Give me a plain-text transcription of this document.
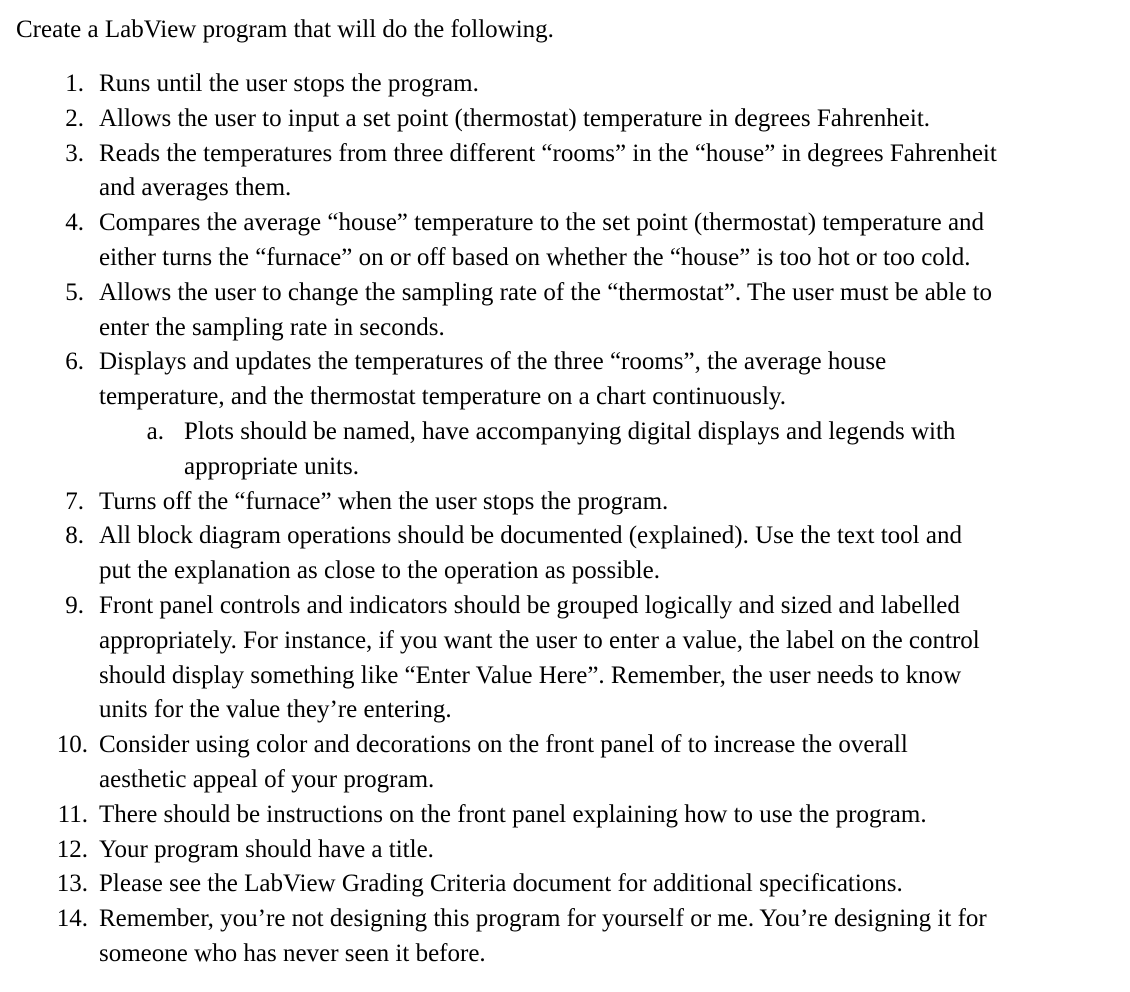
Create a LabView program that will do the following.
1. Runs until the user stops the program.
2. Allows the user to input a set point (thermostat) temperature in degrees Fahrenheit.
3. Reads the temperatures from three different “rooms” in the “house” in degrees Fahrenheit
and averages them.
4. Compares the average “house” temperature to the set point (thermostat) temperature and
either turns the “furnace” on or off based on whether the “house” is too hot or too cold.
5. Allows the user to change the sampling rate of the “thermostat”. The user must be able to
enter the sampling rate in seconds.
6. Displays and updates the temperatures of the three “rooms”, the average house
temperature, and the thermostat temperature on a chart continuously.
a. Plots should be named, have accompanying digital displays and legends with
appropriate units.
7. Turns off the “furnace” when the user stops the program.
8. All block diagram operations should be documented (explained). Use the text tool and
put the explanation as close to the operation as possible.
9. Front panel controls and indicators should be grouped logically and sized and labelled
appropriately. For instance, if you want the user to enter a value, the label on the control
should display something like “Enter Value Here”. Remember, the user needs to know
units for the value they’re entering.
10. Consider using color and decorations on the front panel of to increase the overall
aesthetic appeal of your program.
11. There should be instructions on the front panel explaining how to use the program.
12. Your program should have a title.
13. Please see the LabView Grading Criteria document for additional specifications.
14. Remember, you’re not designing this program for yourself or me. You’re designing it for
someone who has never seen it before.
